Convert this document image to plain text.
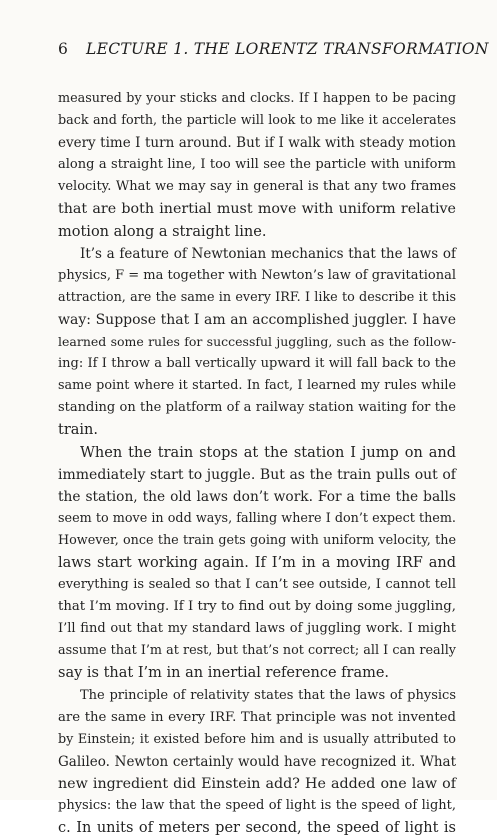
6 LECTURE 1. THE LORENTZ TRANSFORMATION
measured by your sticks and clocks. If I happen to be pacing
back and forth, the particle will look to me like it accelerates
every time I turn around. But if I walk with steady motion
along a straight line, I too will see the particle with uniform
velocity. What we may say in general is that any two frames
that are both inertial must move with uniform relative
motion along a straight line.
It’s a feature of Newtonian mechanics that the laws of
physics, F = ma together with Newton’s law of gravitational
attraction, are the same in every IRF. I like to describe it this
way: Suppose that I am an accomplished juggler. I have
learned some rules for successful juggling, such as the follow-
ing: If I throw a ball vertically upward it will fall back to the
same point where it started. In fact, I learned my rules while
standing on the platform of a railway station waiting for the
train.
When the train stops at the station I jump on and
immediately start to juggle. But as the train pulls out of
the station, the old laws don’t work. For a time the balls
seem to move in odd ways, falling where I don’t expect them.
However, once the train gets going with uniform velocity, the
laws start working again. If I’m in a moving IRF and
everything is sealed so that I can’t see outside, I cannot tell
that I’m moving. If I try to find out by doing some juggling,
I’ll find out that my standard laws of juggling work. I might
assume that I’m at rest, but that’s not correct; all I can really
say is that I’m in an inertial reference frame.
The principle of relativity states that the laws of physics
are the same in every IRF. That principle was not invented
by Einstein; it existed before him and is usually attributed to
Galileo. Newton certainly would have recognized it. What
new ingredient did Einstein add? He added one law of
physics: the law that the speed of light is the speed of light,
c. In units of meters per second, the speed of light is
